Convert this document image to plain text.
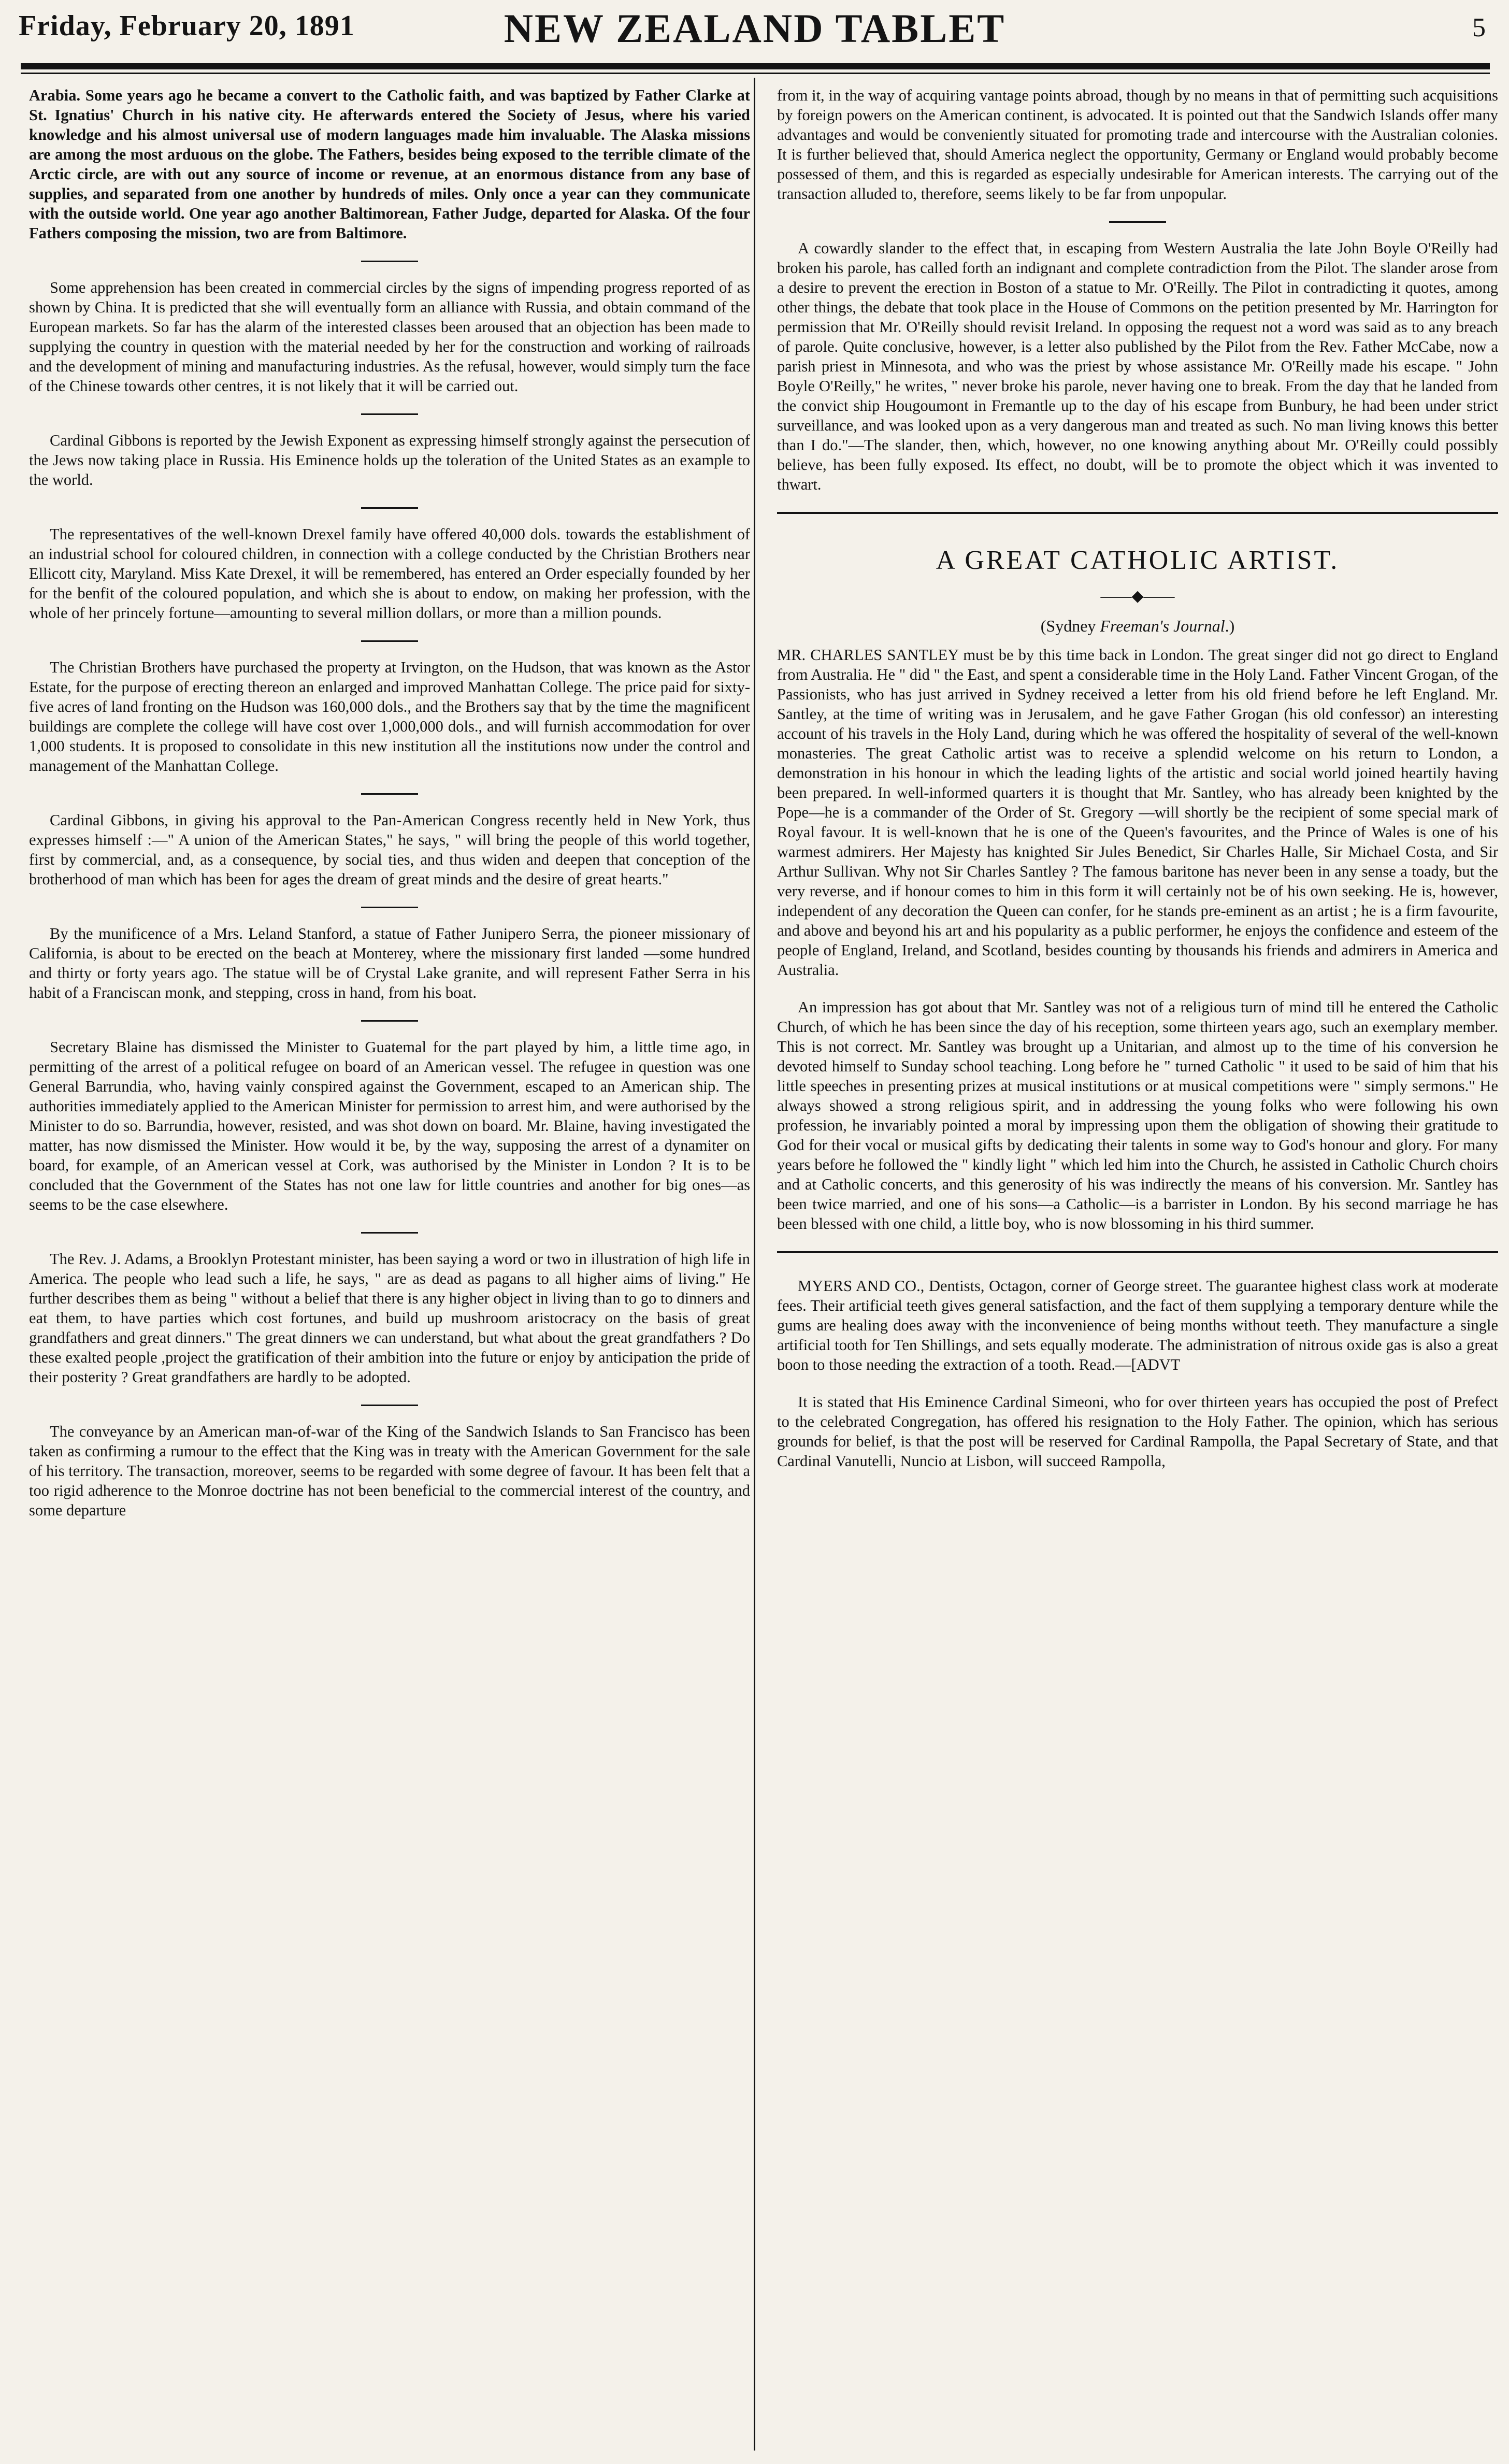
Friday, February 20, 1891	NEW ZEALAND TABLET	5

Arabia. Some years ago he became a convert to the Catholic faith, and was baptized by Father Clarke at St. Ignatius' Church in his native city. He afterwards entered the Society of Jesus, where his varied knowledge and his almost universal use of modern languages made him invaluable. The Alaska missions are among the most arduous on the globe. The Fathers, besides being exposed to the terrible climate of the Arctic circle, are with out any source of income or revenue, at an enormous distance from any base of supplies, and separated from one another by hundreds of miles. Only once a year can they communicate with the outside world. One year ago another Baltimorean, Father Judge, departed for Alaska. Of the four Fathers composing the mission, two are from Baltimore.

Some apprehension has been created in commercial circles by the signs of impending progress reported of as shown by China. It is predicted that she will eventually form an alliance with Russia, and obtain command of the European markets. So far has the alarm of the interested classes been aroused that an objection has been made to supplying the country in question with the material needed by her for the construction and working of railroads and the development of mining and manufacturing industries. As the refusal, however, would simply turn the face of the Chinese towards other centres, it is not likely that it will be carried out.

Cardinal Gibbons is reported by the Jewish Exponent as expressing himself strongly against the persecution of the Jews now taking place in Russia. His Eminence holds up the toleration of the United States as an example to the world.

The representatives of the well-known Drexel family have offered 40,000 dols. towards the establishment of an industrial school for coloured children, in connection with a college conducted by the Christian Brothers near Ellicott city, Maryland. Miss Kate Drexel, it will be remembered, has entered an Order especially founded by her for the benfit of the coloured population, and which she is about to endow, on making her profession, with the whole of her princely fortune—amounting to several million dollars, or more than a million pounds.

The Christian Brothers have purchased the property at Irvington, on the Hudson, that was known as the Astor Estate, for the purpose of erecting thereon an enlarged and improved Manhattan College. The price paid for sixty-five acres of land fronting on the Hudson was 160,000 dols., and the Brothers say that by the time the magnificent buildings are complete the college will have cost over 1,000,000 dols., and will furnish accommodation for over 1,000 students. It is proposed to consolidate in this new institution all the institutions now under the control and management of the Manhattan College.

Cardinal Gibbons, in giving his approval to the Pan-American Congress recently held in New York, thus expresses himself :—" A union of the American States," he says, " will bring the people of this world together, first by commercial, and, as a consequence, by social ties, and thus widen and deepen that conception of the brotherhood of man which has been for ages the dream of great minds and the desire of great hearts."

By the munificence of a Mrs. Leland Stanford, a statue of Father Junipero Serra, the pioneer missionary of California, is about to be erected on the beach at Monterey, where the missionary first landed —some hundred and thirty or forty years ago. The statue will be of Crystal Lake granite, and will represent Father Serra in his habit of a Franciscan monk, and stepping, cross in hand, from his boat.

Secretary Blaine has dismissed the Minister to Guatemal for the part played by him, a little time ago, in permitting of the arrest of a political refugee on board of an American vessel. The refugee in question was one General Barrundia, who, having vainly conspired against the Government, escaped to an American ship. The authorities immediately applied to the American Minister for permission to arrest him, and were authorised by the Minister to do so. Barrundia, however, resisted, and was shot down on board. Mr. Blaine, having investigated the matter, has now dismissed the Minister. How would it be, by the way, supposing the arrest of a dynamiter on board, for example, of an American vessel at Cork, was authorised by the Minister in London ? It is to be concluded that the Government of the States has not one law for little countries and another for big ones—as seems to be the case elsewhere.

The Rev. J. Adams, a Brooklyn Protestant minister, has been saying a word or two in illustration of high life in America. The people who lead such a life, he says, " are as dead as pagans to all higher aims of living." He further describes them as being " without a belief that there is any higher object in living than to go to dinners and eat them, to have parties which cost fortunes, and build up mushroom aristocracy on the basis of great grandfathers and great dinners." The great dinners we can understand, but what about the great grandfathers ? Do these exalted people ,project the gratification of their ambition into the future or enjoy by anticipation the pride of their posterity ? Great grandfathers are hardly to be adopted.

The conveyance by an American man-of-war of the King of the Sandwich Islands to San Francisco has been taken as confirming a rumour to the effect that the King was in treaty with the American Government for the sale of his territory. The transaction, moreover, seems to be regarded with some degree of favour. It has been felt that a too rigid adherence to the Monroe doctrine has not been beneficial to the commercial interest of the country, and some departure

from it, in the way of acquiring vantage points abroad, though by no means in that of permitting such acquisitions by foreign powers on the American continent, is advocated. It is pointed out that the Sandwich Islands offer many advantages and would be conveniently situated for promoting trade and intercourse with the Australian colonies. It is further believed that, should America neglect the opportunity, Germany or England would probably become possessed of them, and this is regarded as especially undesirable for American interests. The carrying out of the transaction alluded to, therefore, seems likely to be far from unpopular.

A cowardly slander to the effect that, in escaping from Western Australia the late John Boyle O'Reilly had broken his parole, has called forth an indignant and complete contradiction from the Pilot. The slander arose from a desire to prevent the erection in Boston of a statue to Mr. O'Reilly. The Pilot in contradicting it quotes, among other things, the debate that took place in the House of Commons on the petition presented by Mr. Harrington for permission that Mr. O'Reilly should revisit Ireland. In opposing the request not a word was said as to any breach of parole. Quite conclusive, however, is a letter also published by the Pilot from the Rev. Father McCabe, now a parish priest in Minnesota, and who was the priest by whose assistance Mr. O'Reilly made his escape. " John Boyle O'Reilly," he writes, " never broke his parole, never having one to break. From the day that he landed from the convict ship Hougoumont in Fremantle up to the day of his escape from Bunbury, he had been under strict surveillance, and was looked upon as a very dangerous man and treated as such. No man living knows this better than I do."—The slander, then, which, however, no one knowing anything about Mr. O'Reilly could possibly believe, has been fully exposed. Its effect, no doubt, will be to promote the object which it was invented to thwart.

A GREAT CATHOLIC ARTIST.
——◆——
(Sydney Freeman's Journal.)

MR. CHARLES SANTLEY must be by this time back in London. The great singer did not go direct to England from Australia. He " did " the East, and spent a considerable time in the Holy Land. Father Vincent Grogan, of the Passionists, who has just arrived in Sydney received a letter from his old friend before he left England. Mr. Santley, at the time of writing was in Jerusalem, and he gave Father Grogan (his old confessor) an interesting account of his travels in the Holy Land, during which he was offered the hospitality of several of the well-known monasteries. The great Catholic artist was to receive a splendid welcome on his return to London, a demonstration in his honour in which the leading lights of the artistic and social world joined heartily having been prepared. In well-informed quarters it is thought that Mr. Santley, who has already been knighted by the Pope—he is a commander of the Order of St. Gregory —will shortly be the recipient of some special mark of Royal favour. It is well-known that he is one of the Queen's favourites, and the Prince of Wales is one of his warmest admirers. Her Majesty has knighted Sir Jules Benedict, Sir Charles Halle, Sir Michael Costa, and Sir Arthur Sullivan. Why not Sir Charles Santley ? The famous baritone has never been in any sense a toady, but the very reverse, and if honour comes to him in this form it will certainly not be of his own seeking. He is, however, independent of any decoration the Queen can confer, for he stands pre-eminent as an artist ; he is a firm favourite, and above and beyond his art and his popularity as a public performer, he enjoys the confidence and esteem of the people of England, Ireland, and Scotland, besides counting by thousands his friends and admirers in America and Australia.

An impression has got about that Mr. Santley was not of a religious turn of mind till he entered the Catholic Church, of which he has been since the day of his reception, some thirteen years ago, such an exemplary member. This is not correct. Mr. Santley was brought up a Unitarian, and almost up to the time of his conversion he devoted himself to Sunday school teaching. Long before he " turned Catholic " it used to be said of him that his little speeches in presenting prizes at musical institutions or at musical competitions were " simply sermons." He always showed a strong religious spirit, and in addressing the young folks who were following his own profession, he invariably pointed a moral by impressing upon them the obligation of showing their gratitude to God for their vocal or musical gifts by dedicating their talents in some way to God's honour and glory. For many years before he followed the " kindly light " which led him into the Church, he assisted in Catholic Church choirs and at Catholic concerts, and this generosity of his was indirectly the means of his conversion. Mr. Santley has been twice married, and one of his sons—a Catholic—is a barrister in London. By his second marriage he has been blessed with one child, a little boy, who is now blossoming in his third summer.

MYERS AND CO., Dentists, Octagon, corner of George street. The guarantee highest class work at moderate fees. Their artificial teeth gives general satisfaction, and the fact of them supplying a temporary denture while the gums are healing does away with the inconvenience of being months without teeth. They manufacture a single artificial tooth for Ten Shillings, and sets equally moderate. The administration of nitrous oxide gas is also a great boon to those needing the extraction of a tooth. Read.—[ADVT

It is stated that His Eminence Cardinal Simeoni, who for over thirteen years has occupied the post of Prefect to the celebrated Congregation, has offered his resignation to the Holy Father. The opinion, which has serious grounds for belief, is that the post will be reserved for Cardinal Rampolla, the Papal Secretary of State, and that Cardinal Vanutelli, Nuncio at Lisbon, will succeed Rampolla,
